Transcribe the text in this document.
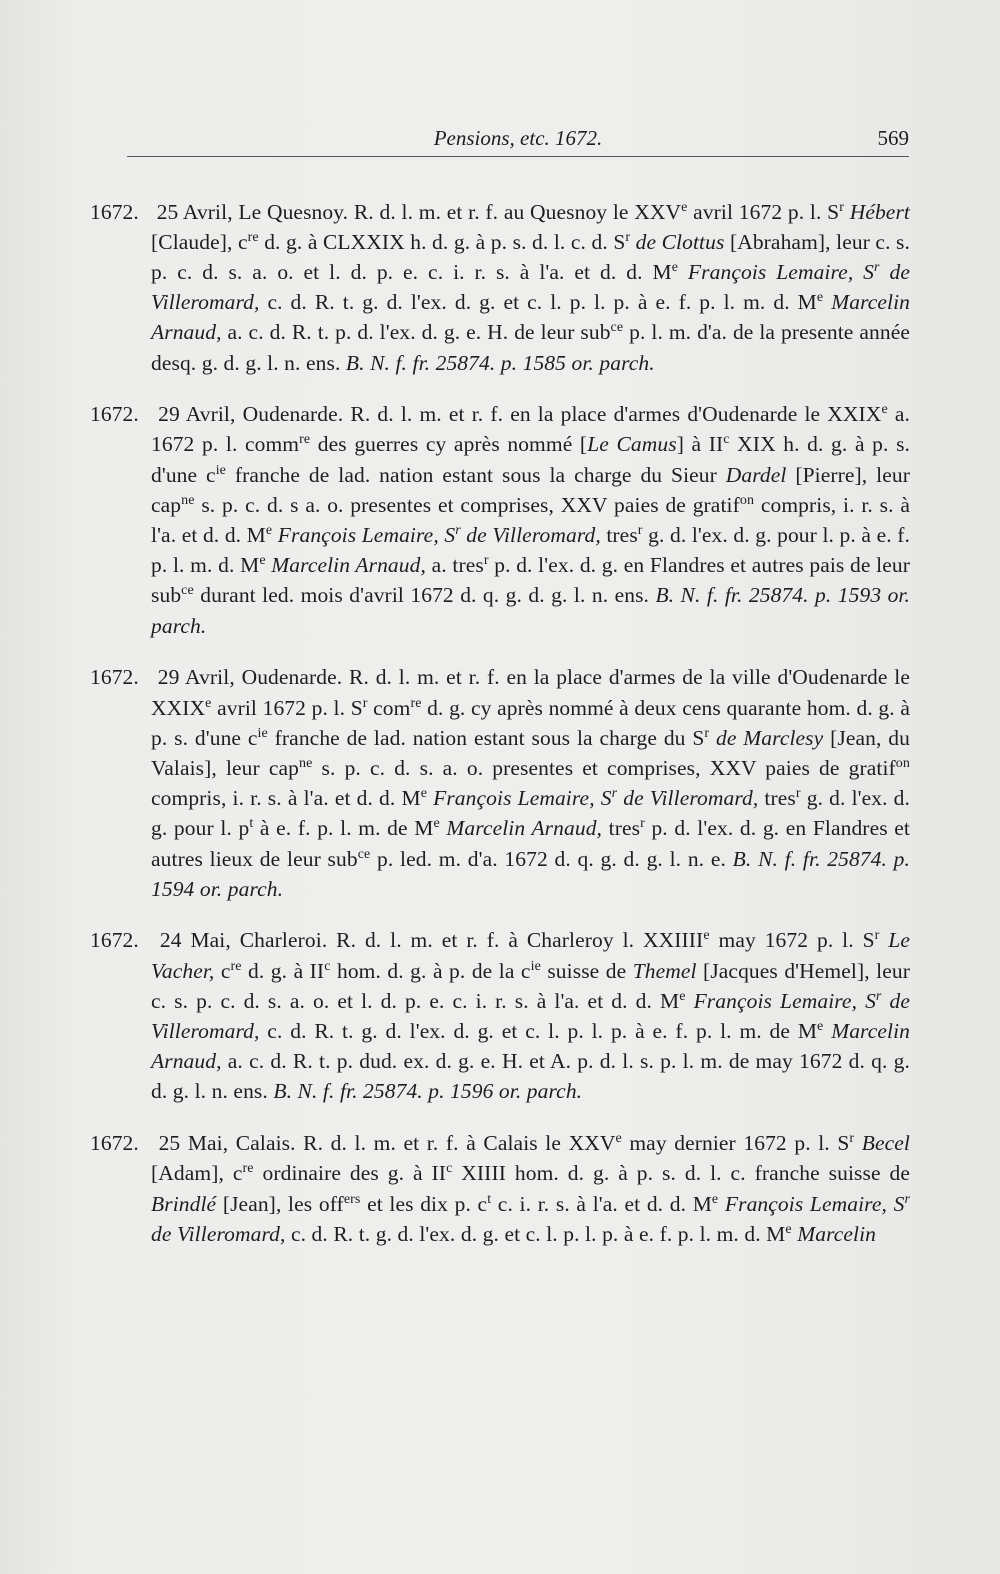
Pensions, etc. 1672.	569

1672. 25 Avril, Le Quesnoy. R. d. l. m. et r. f. au Quesnoy le XXVe avril 1672 p. l. $S^r$ Hébert [Claude], $c^{re}$ d. g. à CLXXIX h. d. g. à p. s. d. l. c. d. $S^r$ de Clottus [Abraham], leur c. s. p. c. d. s. a. o. et l. d. p. e. c. i. r. s. à l'a. et d. d. Me François Lemaire, $S^r$ de Villeromard, c. d. R. t. g. d. l'ex. d. g. et c. l. p. l. p. à e. f. p. l. m. d. Me Marcelin Arnaud, a. c. d. R. t. p. d. l'ex. d. g. e. H. de leur sub$^{ce}$ p. l. m. d'a. de la presente année desq. g. d. g. l. n. ens. B. N. f. fr. 25874. p. 1585 or. parch.

1672. 29 Avril, Oudenarde. R. d. l. m. et r. f. en la place d'armes d'Oudenarde le XXIXe a. 1672 p. l. comm$^{re}$ des guerres cy après nommé [Le Camus] à $II^c$ XIX h. d. g. à p. s. d'une $c^{ie}$ franche de lad. nation estant sous la charge du Sieur Dardel [Pierre], leur cap$^{ne}$ s. p. c. d. s a. o. presentes et comprises, XXV paies de gratif$^{on}$ compris, i. r. s. à l'a. et d. d. Me François Lemaire, $S^r$ de Villeromard, tres$^r$ g. d. l'ex. d. g. pour l. p. à e. f. p. l. m. d. Me Marcelin Arnaud, a. tres$^r$ p. d. l'ex. d. g. en Flandres et autres pais de leur sub$^{ce}$ durant led. mois d'avril 1672 d. q. g. d. g. l. n. ens. B. N. f. fr. 25874. p. 1593 or. parch.

1672. 29 Avril, Oudenarde. R. d. l. m. et r. f. en la place d'armes de la ville d'Oudenarde le XXIXe avril 1672 p. l. $S^r$ com$^{re}$ d. g. cy après nommé à deux cens quarante hom. d. g. à p. s. d'une $c^{ie}$ franche de lad. nation estant sous la charge du $S^r$ de Marclesy [Jean, du Valais], leur cap$^{ne}$ s. p. c. d. s. a. o. presentes et comprises, XXV paies de gratif$^{on}$ compris, i. r. s. à l'a. et d. d. Me François Lemaire, $S^r$ de Villeromard, tres$^r$ g. d. l'ex. d. g. pour l. $p^t$ à e. f. p. l. m. de Me Marcelin Arnaud, tres$^r$ p. d. l'ex. d. g. en Flandres et autres lieux de leur sub$^{ce}$ p. led. m. d'a. 1672 d. q. g. d. g. l. n. e. B. N. f. fr. 25874. p. 1594 or. parch.

1672. 24 Mai, Charleroi. R. d. l. m. et r. f. à Charleroy l. XXIIIIe may 1672 p. l. $S^r$ Le Vacher, $c^{re}$ d. g. à $II^c$ hom. d. g. à p. de la $c^{ie}$ suisse de Themel [Jacques d'Hemel], leur c. s. p. c. d. s. a. o. et l. d. p. e. c. i. r. s. à l'a. et d. d. Me François Lemaire, $S^r$ de Villeromard, c. d. R. t. g. d. l'ex. d. g. et c. l. p. l. p. à e. f. p. l. m. de Me Marcelin Arnaud, a. c. d. R. t. p. dud. ex. d. g. e. H. et A. p. d. l. s. p. l. m. de may 1672 d. q. g. d. g. l. n. ens. B. N. f. fr. 25874. p. 1596 or. parch.

1672. 25 Mai, Calais. R. d. l. m. et r. f. à Calais le XXVe may dernier 1672 p. l. $S^r$ Becel [Adam], $c^{re}$ ordinaire des g. à $II^c$ XIIII hom. d. g. à p. s. d. l. c. franche suisse de Brindlé [Jean], les off$^{ers}$ et les dix p. $c^t$ c. i. r. s. à l'a. et d. d. Me François Lemaire, $S^r$ de Villeromard, c. d. R. t. g. d. l'ex. d. g. et c. l. p. l. p. à e. f. p. l. m. d. Me Marcelin
